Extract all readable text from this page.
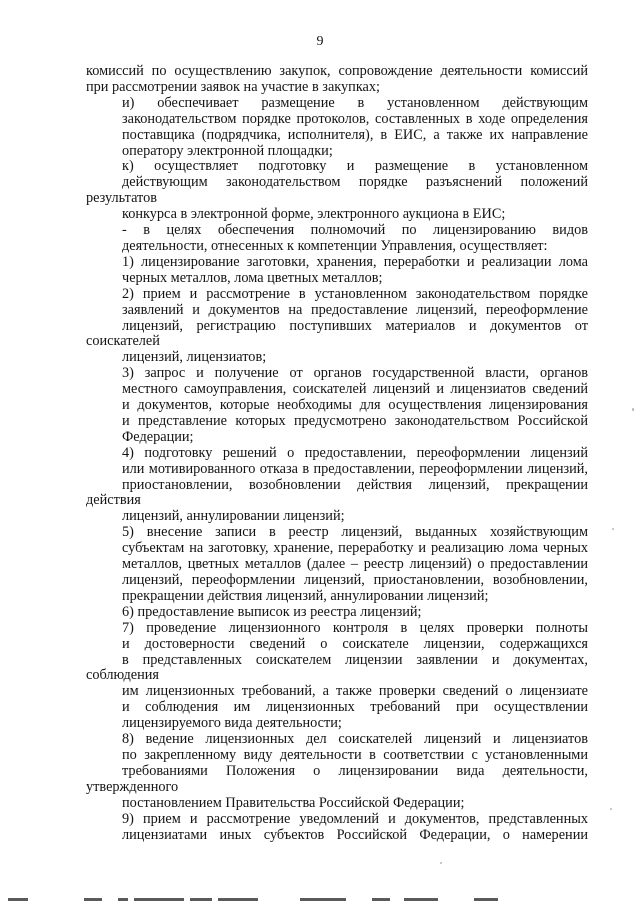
9

комиссий по осуществлению закупок, сопровождение деятельности комиссий
при рассмотрении заявок на участие в закупках;

и) обеспечивает размещение в установленном действующим
законодательством порядке протоколов, составленных в ходе определения
поставщика (подрядчика, исполнителя), в ЕИС, а также их направление
оператору электронной площадки;

к) осуществляет подготовку и размещение в установленном
действующим законодательством порядке разъяснений положений результатов
конкурса в электронной форме, электронного аукциона в ЕИС;

- в целях обеспечения полномочий по лицензированию видов
деятельности, отнесенных к компетенции Управления, осуществляет:

1) лицензирование заготовки, хранения, переработки и реализации лома
черных металлов, лома цветных металлов;

2) прием и рассмотрение в установленном законодательством порядке
заявлений и документов на предоставление лицензий, переоформление
лицензий, регистрацию поступивших материалов и документов от соискателей
лицензий, лицензиатов;

3) запрос и получение от органов государственной власти, органов
местного самоуправления, соискателей лицензий и лицензиатов сведений
и документов, которые необходимы для осуществления лицензирования
и представление которых предусмотрено законодательством Российской
Федерации;

4) подготовку решений о предоставлении, переоформлении лицензий
или мотивированного отказа в предоставлении, переоформлении лицензий,
приостановлении, возобновлении действия лицензий, прекращении действия
лицензий, аннулировании лицензий;

5) внесение записи в реестр лицензий, выданных хозяйствующим
субъектам на заготовку, хранение, переработку и реализацию лома черных
металлов, цветных металлов (далее – реестр лицензий) о предоставлении
лицензий, переоформлении лицензий, приостановлении, возобновлении,
прекращении действия лицензий, аннулировании лицензий;

6) предоставление выписок из реестра лицензий;

7) проведение лицензионного контроля в целях проверки полноты
и достоверности сведений о соискателе лицензии, содержащихся
в представленных соискателем лицензии заявлении и документах, соблюдения
им лицензионных требований, а также проверки сведений о лицензиате
и соблюдения им лицензионных требований при осуществлении
лицензируемого вида деятельности;

8) ведение лицензионных дел соискателей лицензий и лицензиатов
по закрепленному виду деятельности в соответствии с установленными
требованиями Положения о лицензировании вида деятельности, утвержденного
постановлением Правительства Российской Федерации;

9) прием и рассмотрение уведомлений и документов, представленных
лицензиатами иных субъектов Российской Федерации, о намерении
